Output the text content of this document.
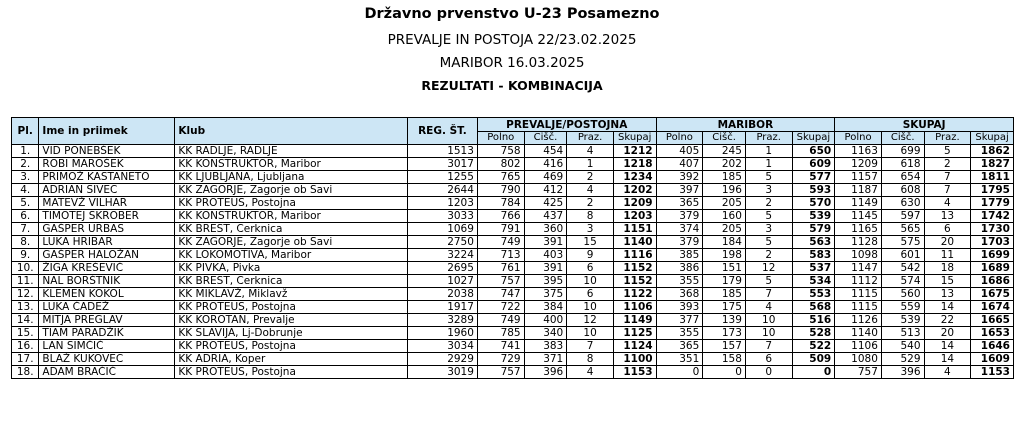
Državno prvenstvo U-23 Posamezno
PREVALJE IN POSTOJA 22/23.02.2025
MARIBOR 16.03.2025
REZULTATI - KOMBINACIJA
Pl.	Ime in priimek	Klub	REG. ŠT.	PREVALJE/POSTOJNA				MARIBOR				SKUPAJ			
				Polno	Čišč.	Praz.	Skupaj	Polno	Čišč.	Praz.	Skupaj	Polno	Čišč.	Praz.	Skupaj
1.	VID PONEBŠEK	KK RADLJE, RADLJE	1513	758	454	4	1212	405	245	1	650	1163	699	5	1862
2.	ROBI MAROŠEK	KK KONSTRUKTOR, Maribor	3017	802	416	1	1218	407	202	1	609	1209	618	2	1827
3.	PRIMOŽ KASTANETO	KK LJUBLJANA, Ljubljana	1255	765	469	2	1234	392	185	5	577	1157	654	7	1811
4.	ADRIAN SIVEC	KK ZAGORJE, Zagorje ob Savi	2644	790	412	4	1202	397	196	3	593	1187	608	7	1795
5.	MATEVŽ VILHAR	KK PROTEUS, Postojna	1203	784	425	2	1209	365	205	2	570	1149	630	4	1779
6.	TIMOTEJ SKROBER	KK KONSTRUKTOR, Maribor	3033	766	437	8	1203	379	160	5	539	1145	597	13	1742
7.	GAŠPER URBAS	KK BREST, Cerknica	1069	791	360	3	1151	374	205	3	579	1165	565	6	1730
8.	LUKA HRIBAR	KK ZAGORJE, Zagorje ob Savi	2750	749	391	15	1140	379	184	5	563	1128	575	20	1703
9.	GAŠPER HALOŽAN	KK LOKOMOTIVA, Maribor	3224	713	403	9	1116	385	198	2	583	1098	601	11	1699
10.	ŽIGA KREŠEVIČ	KK PIVKA, Pivka	2695	761	391	6	1152	386	151	12	537	1147	542	18	1689
11.	NAL BORŠTNIK	KK BREST, Cerknica	1027	757	395	10	1152	355	179	5	534	1112	574	15	1686
12.	KLEMEN KOKOL	KK MIKLAVŽ, Miklavž	2038	747	375	6	1122	368	185	7	553	1115	560	13	1675
13.	LUKA ČADEŽ	KK PROTEUS, Postojna	1917	722	384	10	1106	393	175	4	568	1115	559	14	1674
14.	MITJA PREGLAV	KK KOROTAN, Prevalje	3289	749	400	12	1149	377	139	10	516	1126	539	22	1665
15.	TIAM PARADŽIK	KK SLAVIJA, Lj-Dobrunje	1960	785	340	10	1125	355	173	10	528	1140	513	20	1653
16.	LAN SIMČIČ	KK PROTEUS, Postojna	3034	741	383	7	1124	365	157	7	522	1106	540	14	1646
17.	BLAŽ KUKOVEC	KK ADRIA, Koper	2929	729	371	8	1100	351	158	6	509	1080	529	14	1609
18.	ADAM BRAČIČ	KK PROTEUS, Postojna	3019	757	396	4	1153	0	0	0	0	757	396	4	1153
